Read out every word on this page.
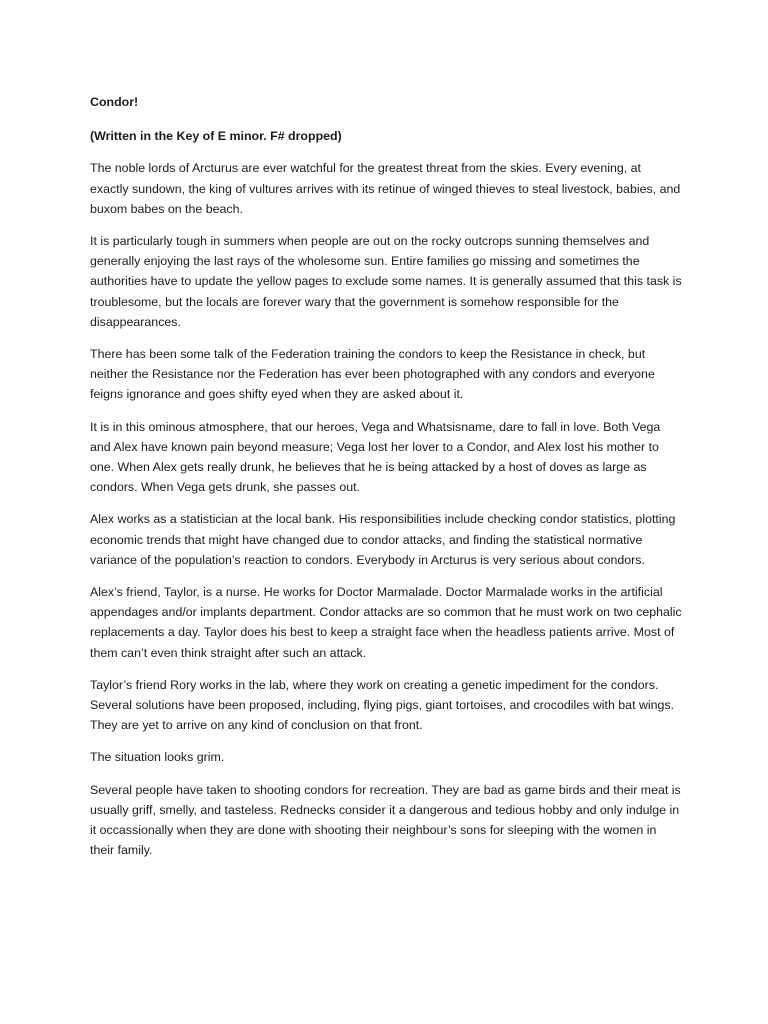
Condor!

(Written in the Key of E minor. F# dropped)

The noble lords of Arcturus are ever watchful for the greatest threat from the skies. Every evening, at exactly sundown, the king of vultures arrives with its retinue of winged thieves to steal livestock, babies, and buxom babes on the beach.

It is particularly tough in summers when people are out on the rocky outcrops sunning themselves and generally enjoying the last rays of the wholesome sun. Entire families go missing and sometimes the authorities have to update the yellow pages to exclude some names. It is generally assumed that this task is troublesome, but the locals are forever wary that the government is somehow responsible for the disappearances.

There has been some talk of the Federation training the condors to keep the Resistance in check, but neither the Resistance nor the Federation has ever been photographed with any condors and everyone feigns ignorance and goes shifty eyed when they are asked about it.

It is in this ominous atmosphere, that our heroes, Vega and Whatsisname, dare to fall in love. Both Vega and Alex have known pain beyond measure; Vega lost her lover to a Condor, and Alex lost his mother to one. When Alex gets really drunk, he believes that he is being attacked by a host of doves as large as condors. When Vega gets drunk, she passes out.

Alex works as a statistician at the local bank. His responsibilities include checking condor statistics, plotting economic trends that might have changed due to condor attacks, and finding the statistical normative variance of the population’s reaction to condors. Everybody in Arcturus is very serious about condors.

Alex’s friend, Taylor, is a nurse. He works for Doctor Marmalade. Doctor Marmalade works in the artificial appendages and/or implants department. Condor attacks are so common that he must work on two cephalic replacements a day. Taylor does his best to keep a straight face when the headless patients arrive. Most of them can’t even think straight after such an attack.

Taylor’s friend Rory works in the lab, where they work on creating a genetic impediment for the condors. Several solutions have been proposed, including, flying pigs, giant tortoises, and crocodiles with bat wings. They are yet to arrive on any kind of conclusion on that front.

The situation looks grim.

Several people have taken to shooting condors for recreation. They are bad as game birds and their meat is usually griff, smelly, and tasteless. Rednecks consider it a dangerous and tedious hobby and only indulge in it occassionally when they are done with shooting their neighbour’s sons for sleeping with the women in their family.
